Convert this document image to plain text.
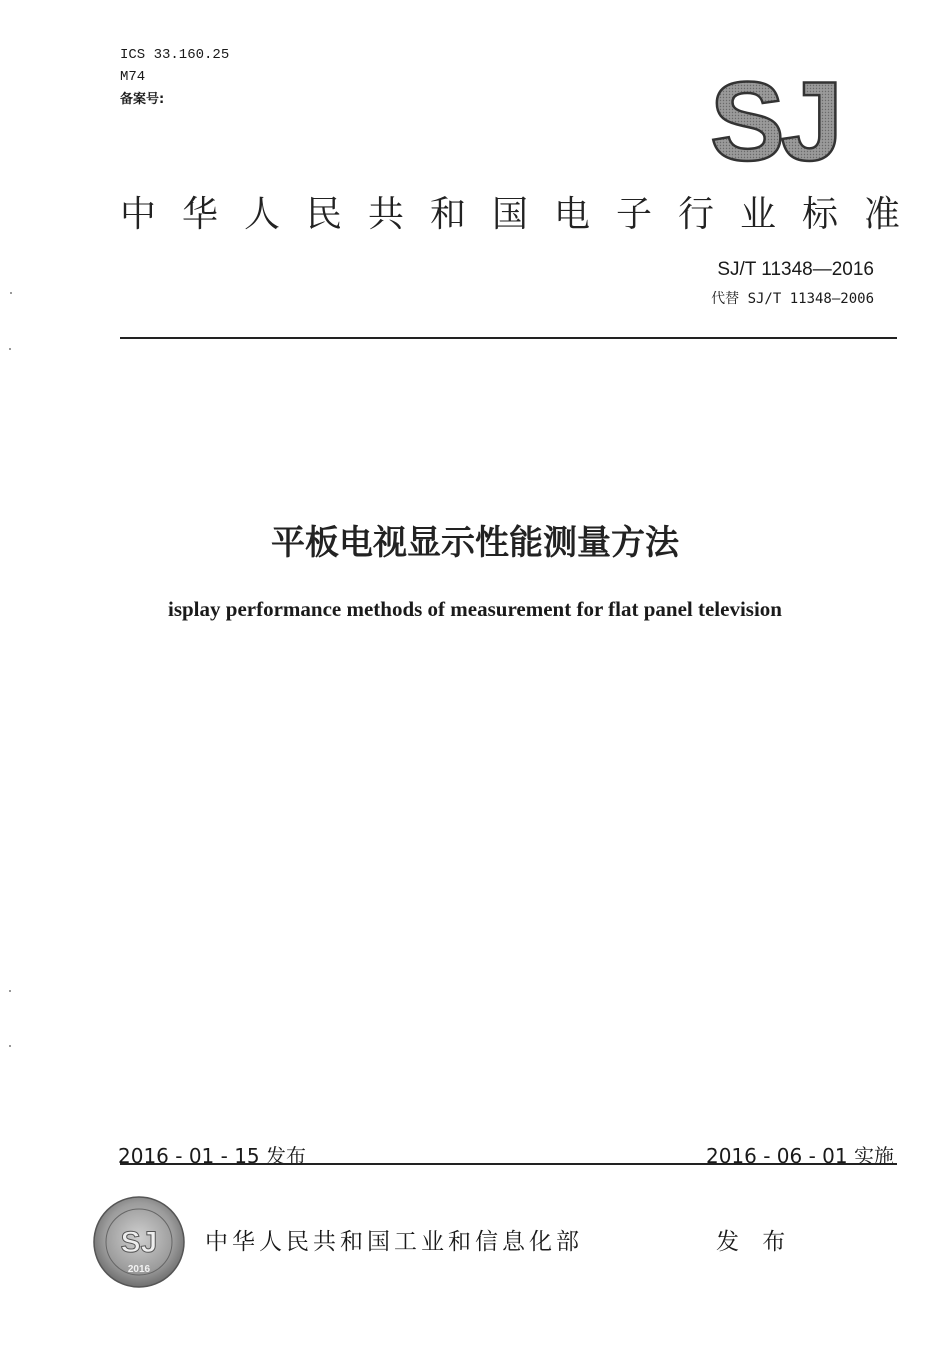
ICS 33.160.25
M74
备案号:	SJ
中华人民共和国电子行业标准
SJ/T 11348—2016
代替 SJ/T 11348—2006
平板电视显示性能测量方法
isplay performance methods of measurement for flat panel television
2016 - 01 - 15 发布	2016 - 06 - 01 实施
SJ
2016
中华人民共和国工业和信息化部	发 布
